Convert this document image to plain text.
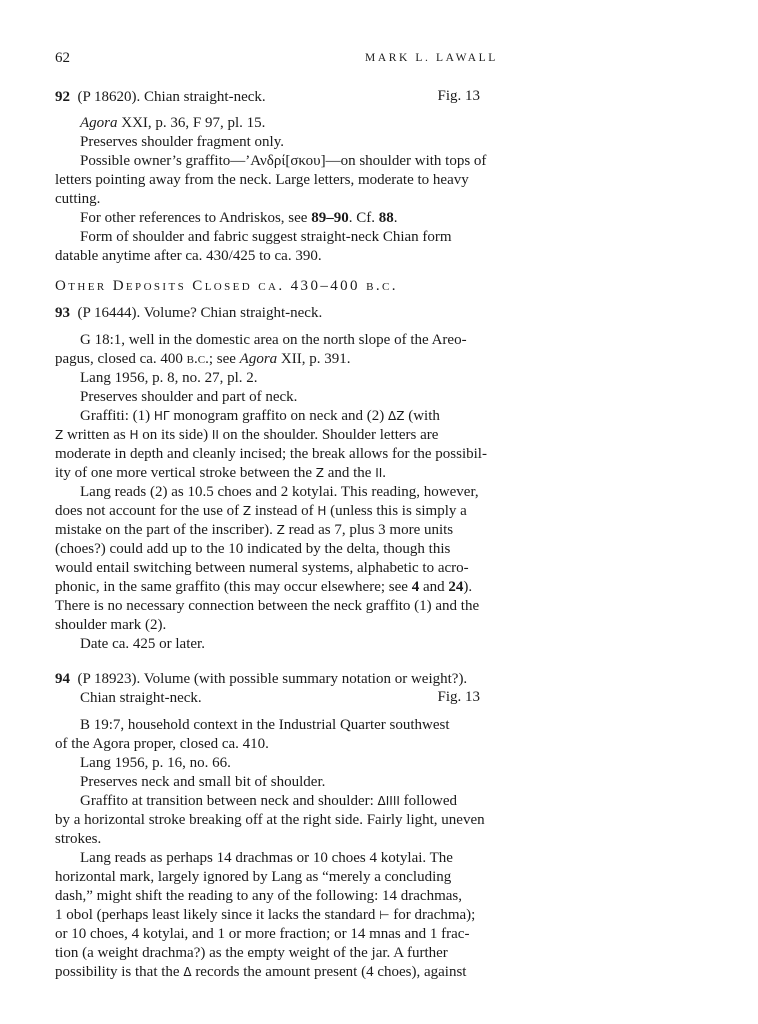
62	MARK L. LAWALL
92 (P 18620). Chian straight-neck.	Fig. 13
Agora XXI, p. 36, F 97, pl. 15.
Preserves shoulder fragment only.
Possible owner’s graffito—’Ανδρί[σκου]—on shoulder with tops of
letters pointing away from the neck. Large letters, moderate to heavy
cutting.
For other references to Andriskos, see 89–90. Cf. 88.
Form of shoulder and fabric suggest straight-neck Chian form
datable anytime after ca. 430/425 to ca. 390.
Other Deposits Closed ca. 430–400 b.c.
93 (P 16444). Volume? Chian straight-neck.
G 18:1, well in the domestic area on the north slope of the Areo-
pagus, closed ca. 400 b.c.; see Agora XII, p. 391.
Lang 1956, p. 8, no. 27, pl. 2.
Preserves shoulder and part of neck.
Graffiti: (1) ΗΓ monogram graffito on neck and (2) ΔΖ (with
Ζ written as Η on its side) ΙΙ on the shoulder. Shoulder letters are
moderate in depth and cleanly incised; the break allows for the possibil-
ity of one more vertical stroke between the Ζ and the ΙΙ.
Lang reads (2) as 10.5 choes and 2 kotylai. This reading, however,
does not account for the use of Ζ instead of Η (unless this is simply a
mistake on the part of the inscriber). Ζ read as 7, plus 3 more units
(choes?) could add up to the 10 indicated by the delta, though this
would entail switching between numeral systems, alphabetic to acro-
phonic, in the same graffito (this may occur elsewhere; see 4 and 24).
There is no necessary connection between the neck graffito (1) and the
shoulder mark (2).
Date ca. 425 or later.
94 (P 18923). Volume (with possible summary notation or weight?).
Chian straight-neck.	Fig. 13
B 19:7, household context in the Industrial Quarter southwest
of the Agora proper, closed ca. 410.
Lang 1956, p. 16, no. 66.
Preserves neck and small bit of shoulder.
Graffito at transition between neck and shoulder: ΔΙΙΙΙ followed
by a horizontal stroke breaking off at the right side. Fairly light, uneven
strokes.
Lang reads as perhaps 14 drachmas or 10 choes 4 kotylai. The
horizontal mark, largely ignored by Lang as “merely a concluding
dash,” might shift the reading to any of the following: 14 drachmas,
1 obol (perhaps least likely since it lacks the standard ⊢ for drachma);
or 10 choes, 4 kotylai, and 1 or more fraction; or 14 mnas and 1 frac-
tion (a weight drachma?) as the empty weight of the jar. A further
possibility is that the Δ records the amount present (4 choes), against
